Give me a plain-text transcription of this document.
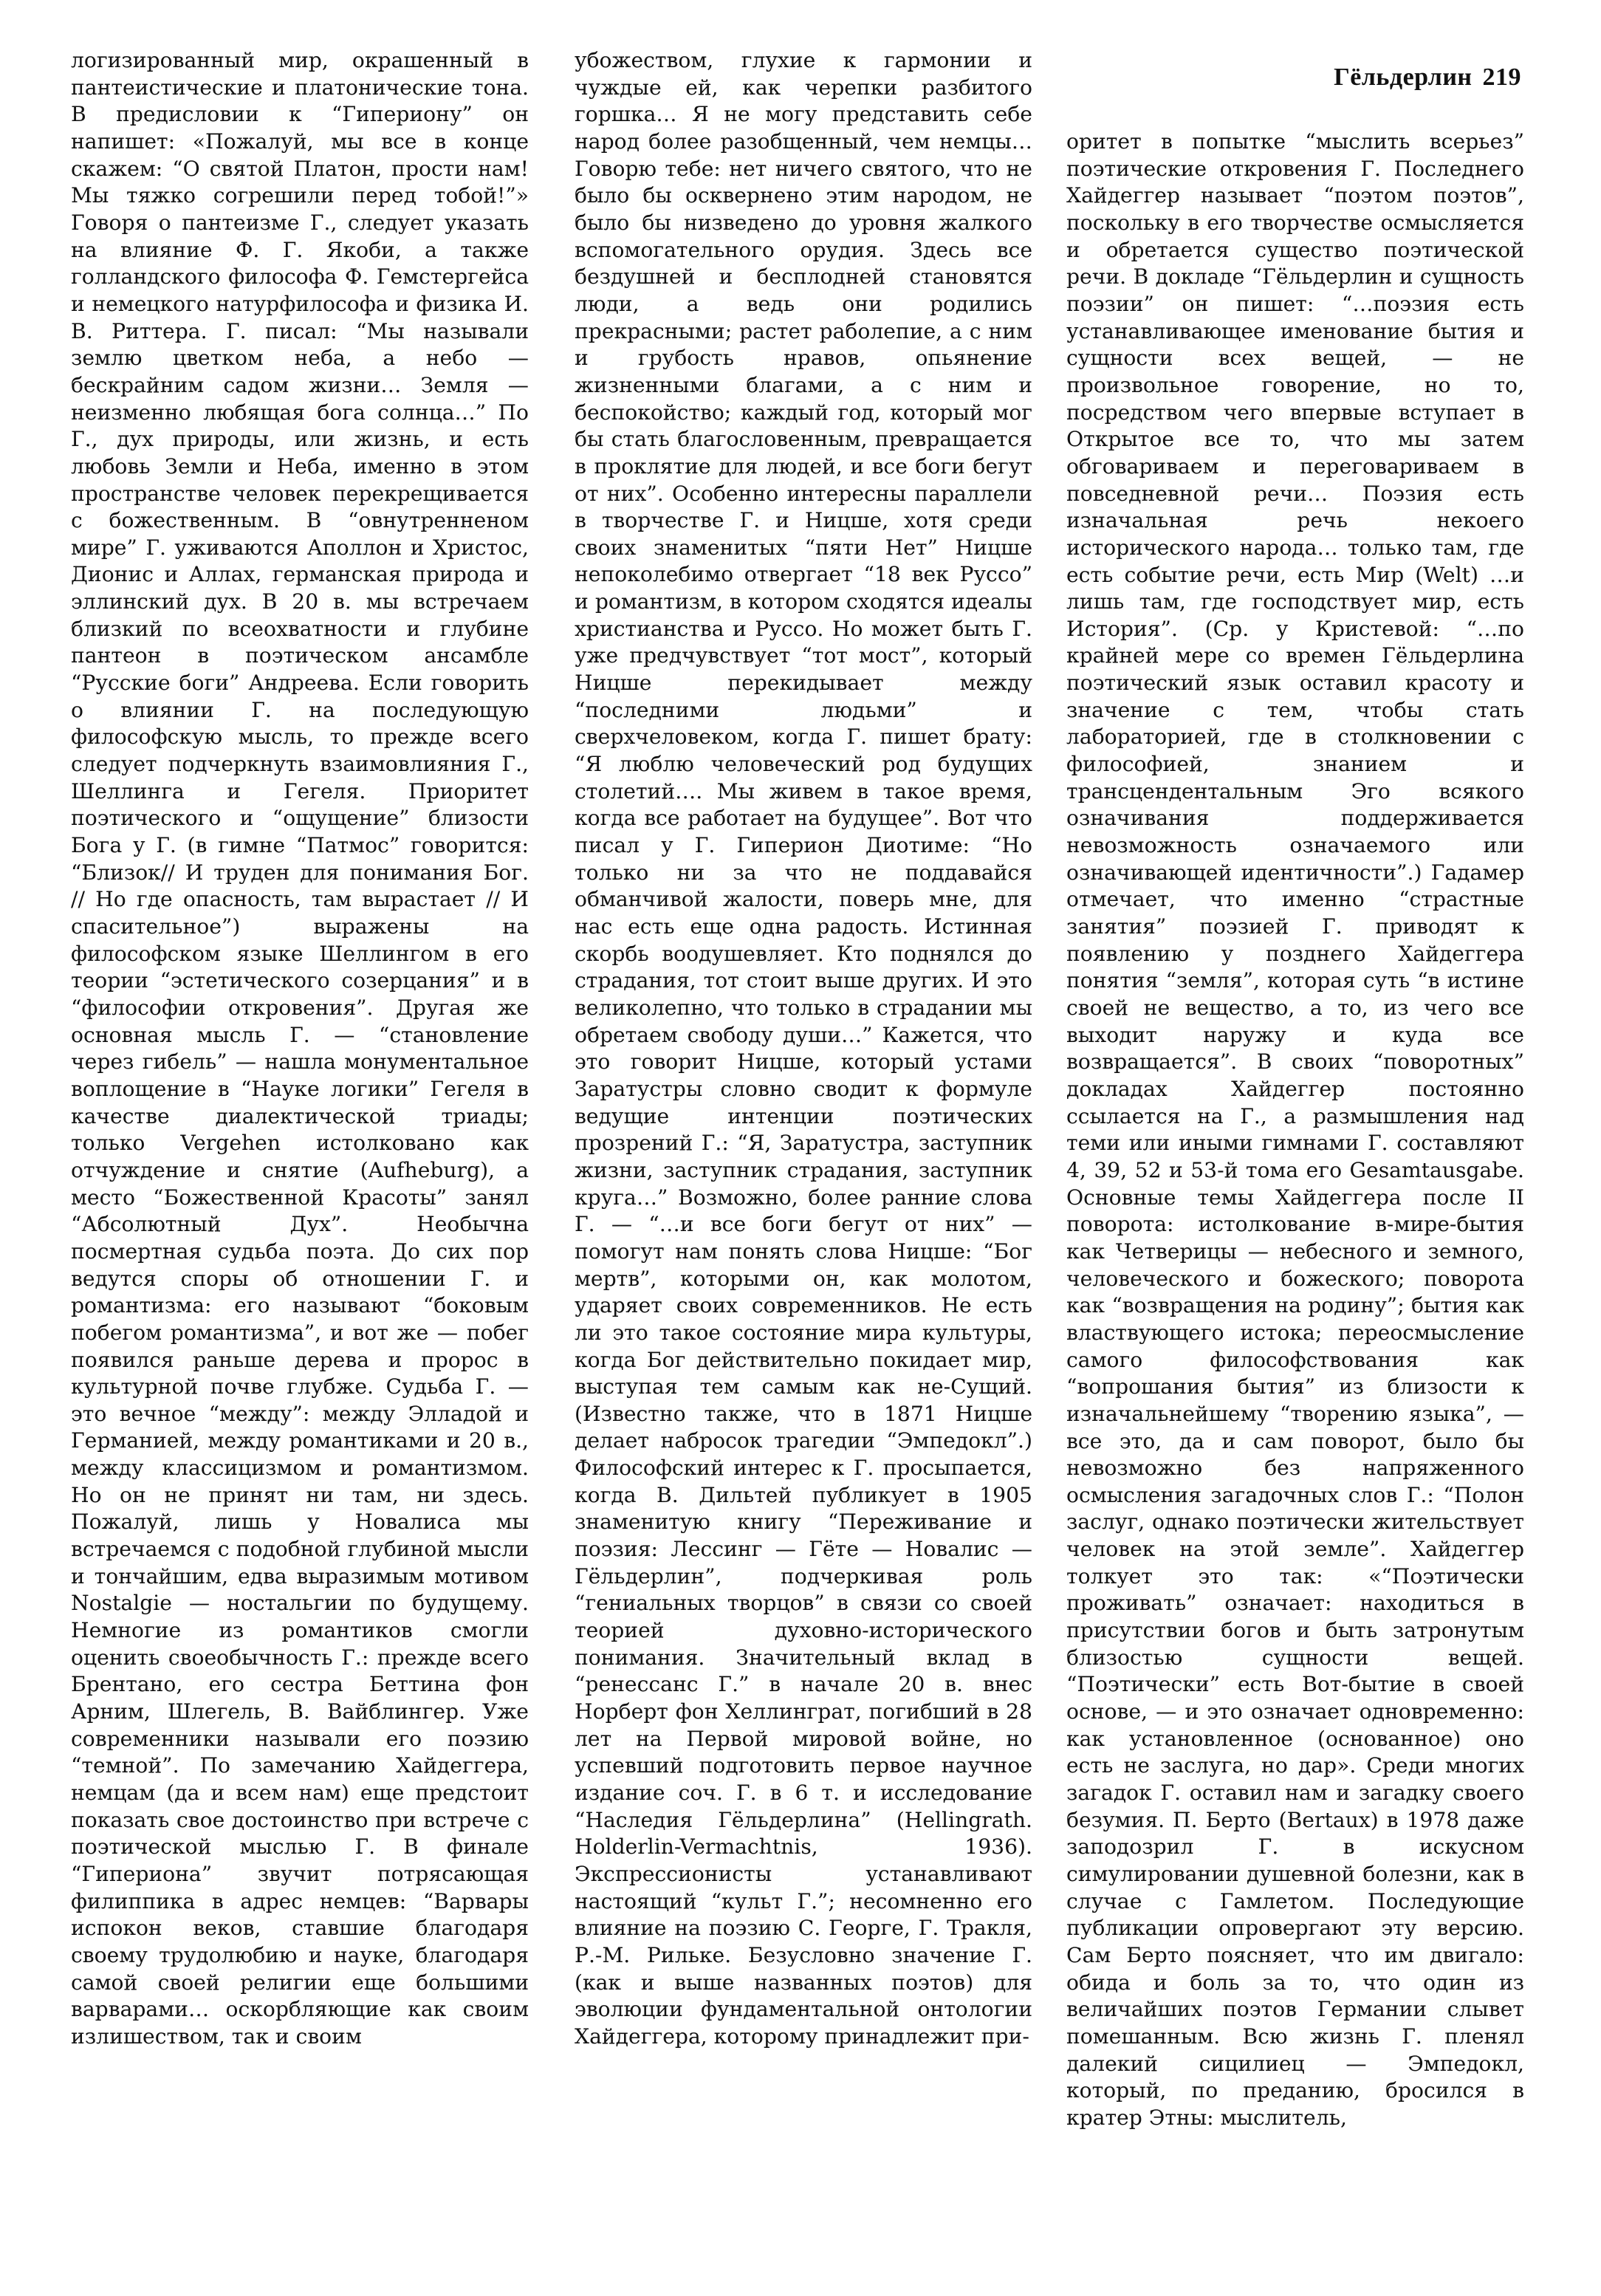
Гёльдерлин 219

логизированный мир, окрашенный в пантеистические и платонические тона. В предисловии к “Гипериону” он напишет: «Пожалуй, мы все в конце скажем: “О святой Платон, прости нам! Мы тяжко согрешили перед тобой!”» Говоря о пантеизме Г., следует указать на влияние Ф. Г. Якоби, а также голландского философа Ф. Гемстергейса и немецкого натурфилософа и физика И. В. Риттера. Г. писал: “Мы называли землю цветком неба, а небо — бескрайним садом жизни… Земля — неизменно любящая бога солнца…” По Г., дух природы, или жизнь, и есть любовь Земли и Неба, именно в этом пространстве человек перекрещивается с божественным. В “овнутренненом мире” Г. уживаются Аполлон и Христос, Дионис и Аллах, германская природа и эллинский дух. В 20 в. мы встречаем близкий по всеохватности и глубине пантеон в поэтическом ансамбле “Русские боги” Андреева. Если говорить о влиянии Г. на последующую философскую мысль, то прежде всего следует подчеркнуть взаимовлияния Г., Шеллинга и Гегеля. Приоритет поэтического и “ощущение” близости Бога у Г. (в гимне “Патмос” говорится: “Близок// И труден для понимания Бог. // Но где опасность, там вырастает // И спасительное”) выражены на философском языке Шеллингом в его теории “эстетического созерцания” и в “философии откровения”. Другая же основная мысль Г. — “становление через гибель” — нашла монументальное воплощение в “Науке логики” Гегеля в качестве диалектической триады; только Vergehen истолковано как отчуждение и снятие (Aufheburg), а место “Божественной Красоты” занял “Абсолютный Дух”. Необычна посмертная судьба поэта. До сих пор ведутся споры об отношении Г. и романтизма: его называют “боковым побегом романтизма”, и вот же — побег появился раньше дерева и пророс в культурной почве глубже. Судьба Г. — это вечное “между”: между Элладой и Германией, между романтиками и 20 в., между классицизмом и романтизмом. Но он не принят ни там, ни здесь. Пожалуй, лишь у Новалиса мы встречаемся с подобной глубиной мысли и тончайшим, едва выразимым мотивом Nostalgie — ностальгии по будущему. Немногие из романтиков смогли оценить своеобычность Г.: прежде всего Брентано, его сестра Беттина фон Арним, Шлегель, В. Вайблингер. Уже современники называли его поэзию “темной”. По замечанию Хайдеггера, немцам (да и всем нам) еще предстоит показать свое достоинство при встрече с поэтической мыслью Г. В финале “Гипериона” звучит потрясающая филиппика в адрес немцев: “Варвары испокон веков, ставшие благодаря своему трудолюбию и науке, благодаря самой своей религии еще большими варварами… оскорбляющие как своим излишеством, так и своим

убожеством, глухие к гармонии и чуждые ей, как черепки разбитого горшка… Я не могу представить себе народ более разобщенный, чем немцы… Говорю тебе: нет ничего святого, что не было бы осквернено этим народом, не было бы низведено до уровня жалкого вспомогательного орудия. Здесь все бездушней и бесплодней становятся люди, а ведь они родились прекрасными; растет раболепие, а с ним и грубость нравов, опьянение жизненными благами, а с ним и беспокойство; каждый год, который мог бы стать благословенным, превращается в проклятие для людей, и все боги бегут от них”. Особенно интересны параллели в творчестве Г. и Ницше, хотя среди своих знаменитых “пяти Нет” Ницше непоколебимо отвергает “18 век Руссо” и романтизм, в котором сходятся идеалы христианства и Руссо. Но может быть Г. уже предчувствует “тот мост”, который Ницше перекидывает между “последними людьми” и сверхчеловеком, когда Г. пишет брату: “Я люблю человеческий род будущих столетий…. Мы живем в такое время, когда все работает на будущее”. Вот что писал у Г. Гиперион Диотиме: “Но только ни за что не поддавайся обманчивой жалости, поверь мне, для нас есть еще одна радость. Истинная скорбь воодушевляет. Кто поднялся до страдания, тот стоит выше других. И это великолепно, что только в страдании мы обретаем свободу души…” Кажется, что это говорит Ницше, который устами Заратустры словно сводит к формуле ведущие интенции поэтических прозрений Г.: “Я, Заратустра, заступник жизни, заступник страдания, заступник круга…” Возможно, более ранние слова Г. — “…и все боги бегут от них” — помогут нам понять слова Ницше: “Бог мертв”, которыми он, как молотом, ударяет своих современников. Не есть ли это такое состояние мира культуры, когда Бог действительно покидает мир, выступая тем самым как не-Сущий. (Известно также, что в 1871 Ницше делает набросок трагедии “Эмпедокл”.) Философский интерес к Г. просыпается, когда В. Дильтей публикует в 1905 знаменитую книгу “Переживание и поэзия: Лессинг — Гёте — Новалис — Гёльдерлин”, подчеркивая роль “гениальных творцов” в связи со своей теорией духовно-исторического понимания. Значительный вклад в “ренессанс Г.” в начале 20 в. внес Норберт фон Хеллинграт, погибший в 28 лет на Первой мировой войне, но успевший подготовить первое научное издание соч. Г. в 6 т. и исследование “Наследия Гёльдерлина” (Hellingrath. Holderlin-Vermachtnis, 1936). Экспрессионисты устанавливают настоящий “культ Г.”; несомненно его влияние на поэзию С. Георге, Г. Тракля, Р.-М. Рильке. Безусловно значение Г. (как и выше названных поэтов) для эволюции фундаментальной онтологии Хайдеггера, которому принадлежит при-

оритет в попытке “мыслить всерьез” поэтические откровения Г. Последнего Хайдеггер называет “поэтом поэтов”, поскольку в его творчестве осмысляется и обретается существо поэтической речи. В докладе “Гёльдерлин и сущность поэзии” он пишет: “…поэзия есть устанавливающее именование бытия и сущности всех вещей, — не произвольное говорение, но то, посредством чего впервые вступает в Открытое все то, что мы затем обговариваем и переговариваем в повседневной речи… Поэзия есть изначальная речь некоего исторического народа… только там, где есть событие речи, есть Мир (Welt) …и лишь там, где господствует мир, есть История”. (Ср. у Кристевой: “…по крайней мере со времен Гёльдерлина поэтический язык оставил красоту и значение с тем, чтобы стать лабораторией, где в столкновении с философией, знанием и трансцендентальным Эго всякого означивания поддерживается невозможность означаемого или означивающей идентичности”.) Гадамер отмечает, что именно “страстные занятия” поэзией Г. приводят к появлению у позднего Хайдеггера понятия “земля”, которая суть “в истине своей не вещество, а то, из чего все выходит наружу и куда все возвращается”. В своих “поворотных” докладах Хайдеггер постоянно ссылается на Г., а размышления над теми или иными гимнами Г. составляют 4, 39, 52 и 53-й тома его Gesamtausgabe. Основные темы Хайдеггера после II поворота: истолкование в-мире-бытия как Четверицы — небесного и земного, человеческого и божеского; поворота как “возвращения на родину”; бытия как властвующего истока; переосмысление самого философствования как “вопрошания бытия” из близости к изначальнейшему “творению языка”, — все это, да и сам поворот, было бы невозможно без напряженного осмысления загадочных слов Г.: “Полон заслуг, однако поэтически жительствует человек на этой земле”. Хайдеггер толкует это так: «“Поэтически проживать” означает: находиться в присутствии богов и быть затронутым близостью сущности вещей. “Поэтически” есть Вот-бытие в своей основе, — и это означает одновременно: как установленное (основанное) оно есть не заслуга, но дар». Среди многих загадок Г. оставил нам и загадку своего безумия. П. Берто (Bertaux) в 1978 даже заподозрил Г. в искусном симулировании душевной болезни, как в случае с Гамлетом. Последующие публикации опровергают эту версию. Сам Берто поясняет, что им двигало: обида и боль за то, что один из величайших поэтов Германии слывет помешанным. Всю жизнь Г. пленял далекий сицилиец — Эмпедокл, который, по преданию, бросился в кратер Этны: мыслитель,
